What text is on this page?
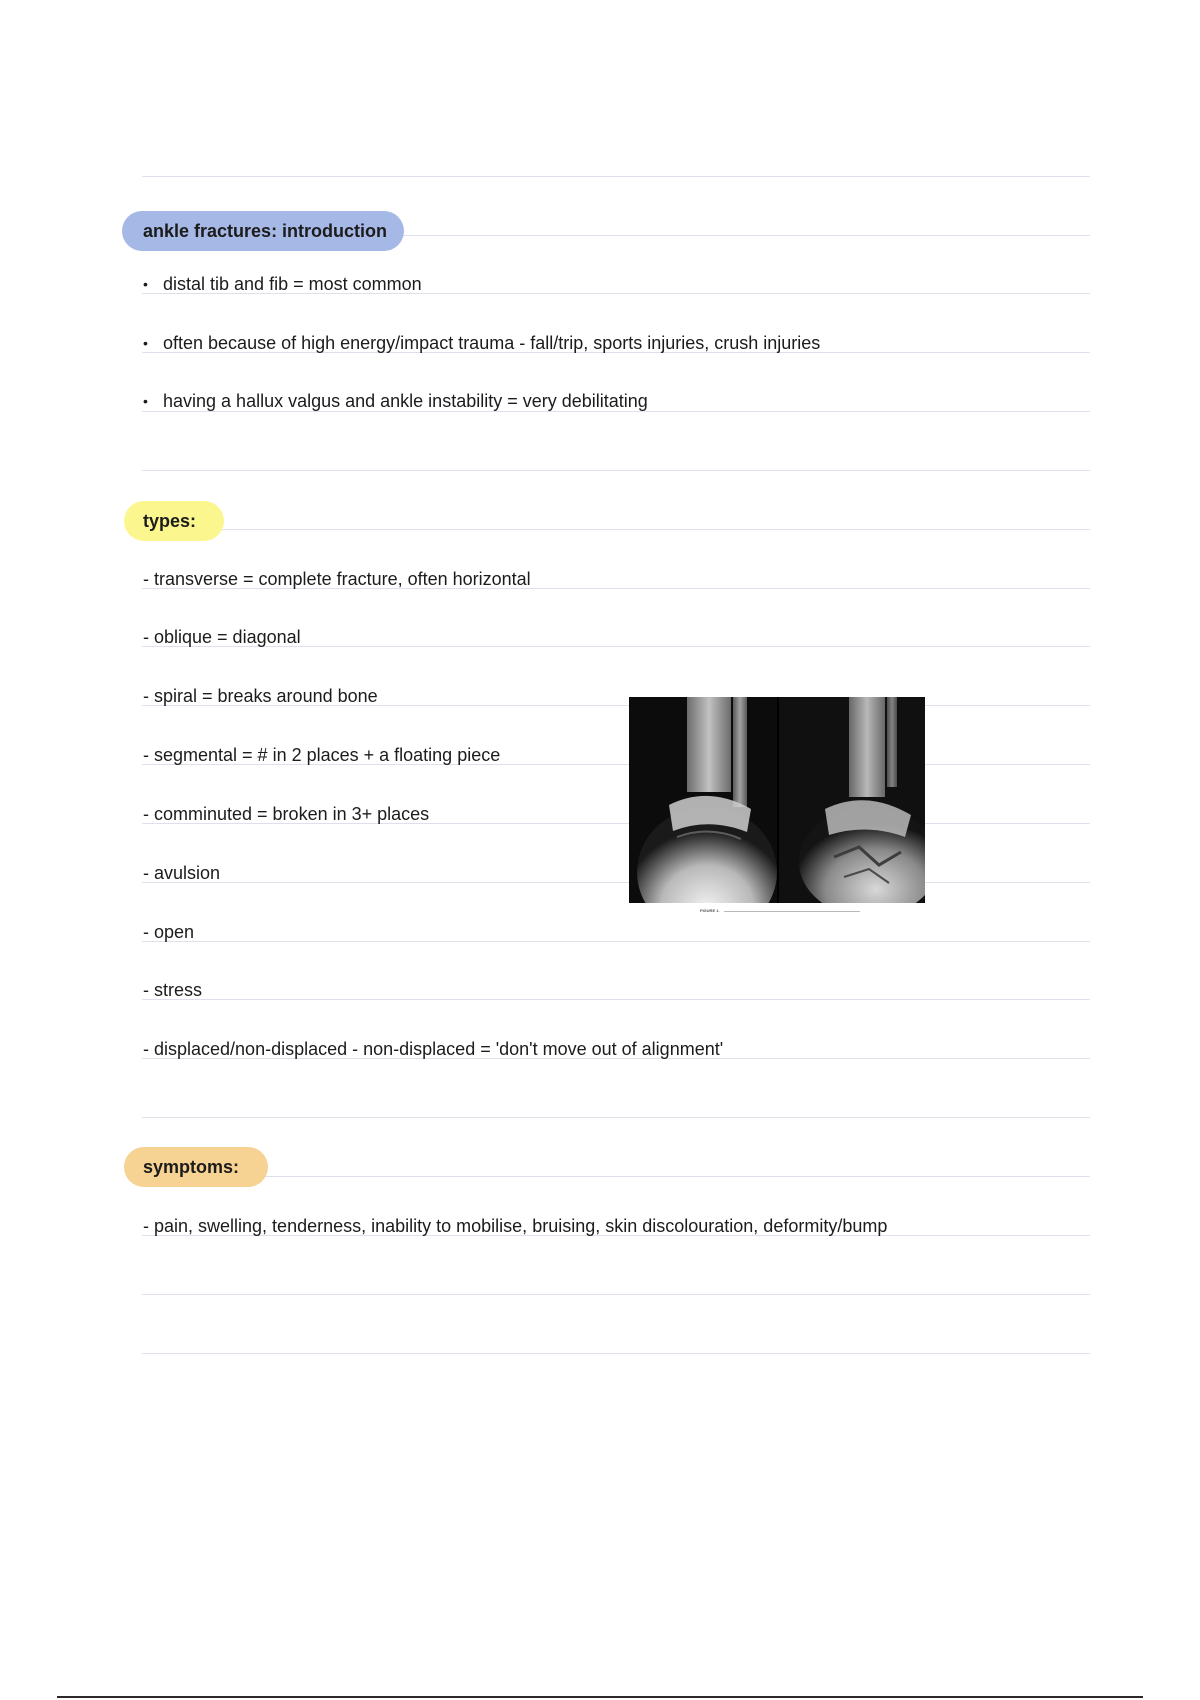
ankle fractures: introduction
• distal tib and fib = most common
• often because of high energy/impact trauma - fall/trip, sports injuries, crush injuries
• having a hallux valgus and ankle instability = very debilitating
types:
- transverse = complete fracture, often horizontal
- oblique = diagonal
- spiral = breaks around bone
- segmental = # in 2 places + a floating piece
- comminuted = broken in 3+ places
- avulsion
- open
- stress
- displaced/non-displaced - non-displaced = 'don't move out of alignment'
FIGURE 1.
symptoms:
- pain, swelling, tenderness, inability to mobilise, bruising, skin discolouration, deformity/bump
